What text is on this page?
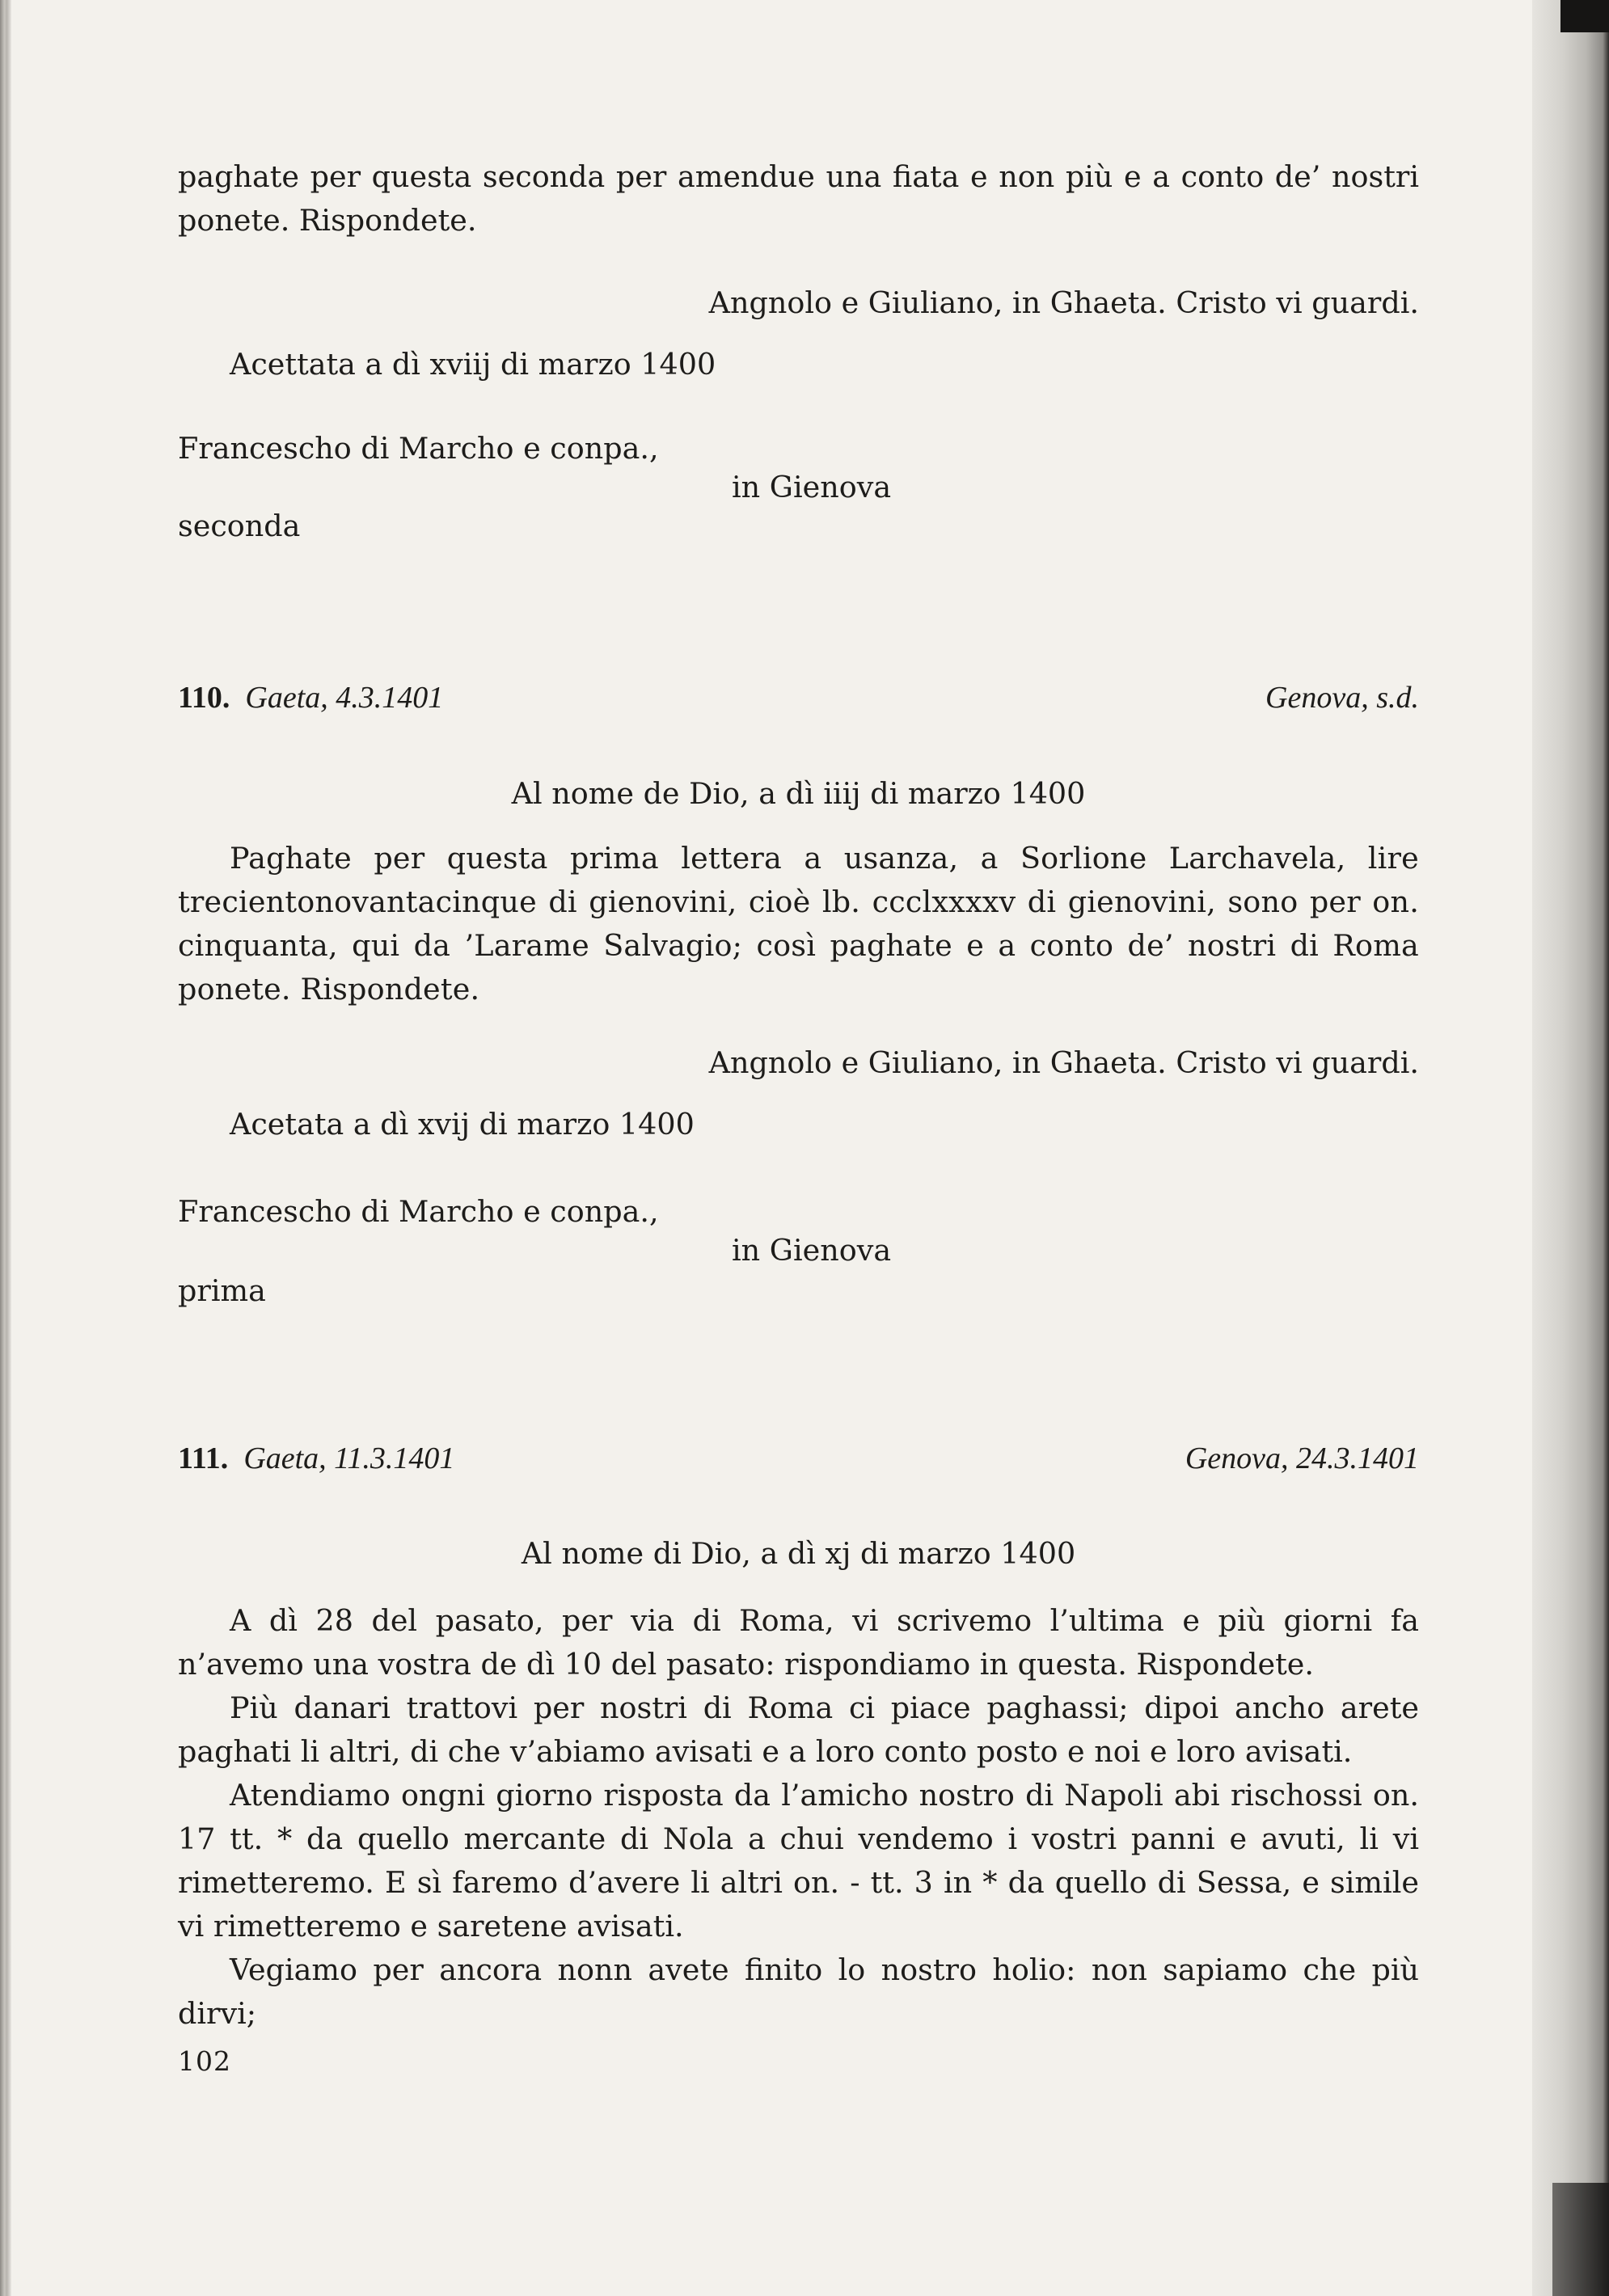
paghate per questa seconda per amendue una fiata e non più e a conto de’ nostri ponete. Rispondete.
Angnolo e Giuliano, in Ghaeta. Cristo vi guardi.
Acettata a dì xviij di marzo 1400
Francescho di Marcho e conpa.,
in Gienova
seconda
110. Gaeta, 4.3.1401	Genova, s.d.
Al nome de Dio, a dì iiij di marzo 1400
Paghate per questa prima lettera a usanza, a Sorlione Larchavela, lire trecientonovantacinque di gienovini, cioè lb. ccclxxxxv di gienovini, sono per on. cinquanta, qui da ’Larame Salvagio; così paghate e a conto de’ nostri di Roma ponete. Rispondete.
Angnolo e Giuliano, in Ghaeta. Cristo vi guardi.
Acetata a dì xvij di marzo 1400
Francescho di Marcho e conpa.,
in Gienova
prima
111. Gaeta, 11.3.1401	Genova, 24.3.1401
Al nome di Dio, a dì xj di marzo 1400
A dì 28 del pasato, per via di Roma, vi scrivemo l’ultima e più giorni fa n’avemo una vostra de dì 10 del pasato: rispondiamo in questa. Rispondete.
Più danari trattovi per nostri di Roma ci piace paghassi; dipoi ancho arete paghati li altri, di che v’abiamo avisati e a loro conto posto e noi e loro avisati.
Atendiamo ongni giorno risposta da l’amicho nostro di Napoli abi rischossi on. 17 tt. * da quello mercante di Nola a chui vendemo i vostri panni e avuti, li vi rimetteremo. E sì faremo d’avere li altri on. - tt. 3 in * da quello di Sessa, e simile vi rimetteremo e saretene avisati.
Vegiamo per ancora nonn avete finito lo nostro holio: non sapiamo che più dirvi;
102
